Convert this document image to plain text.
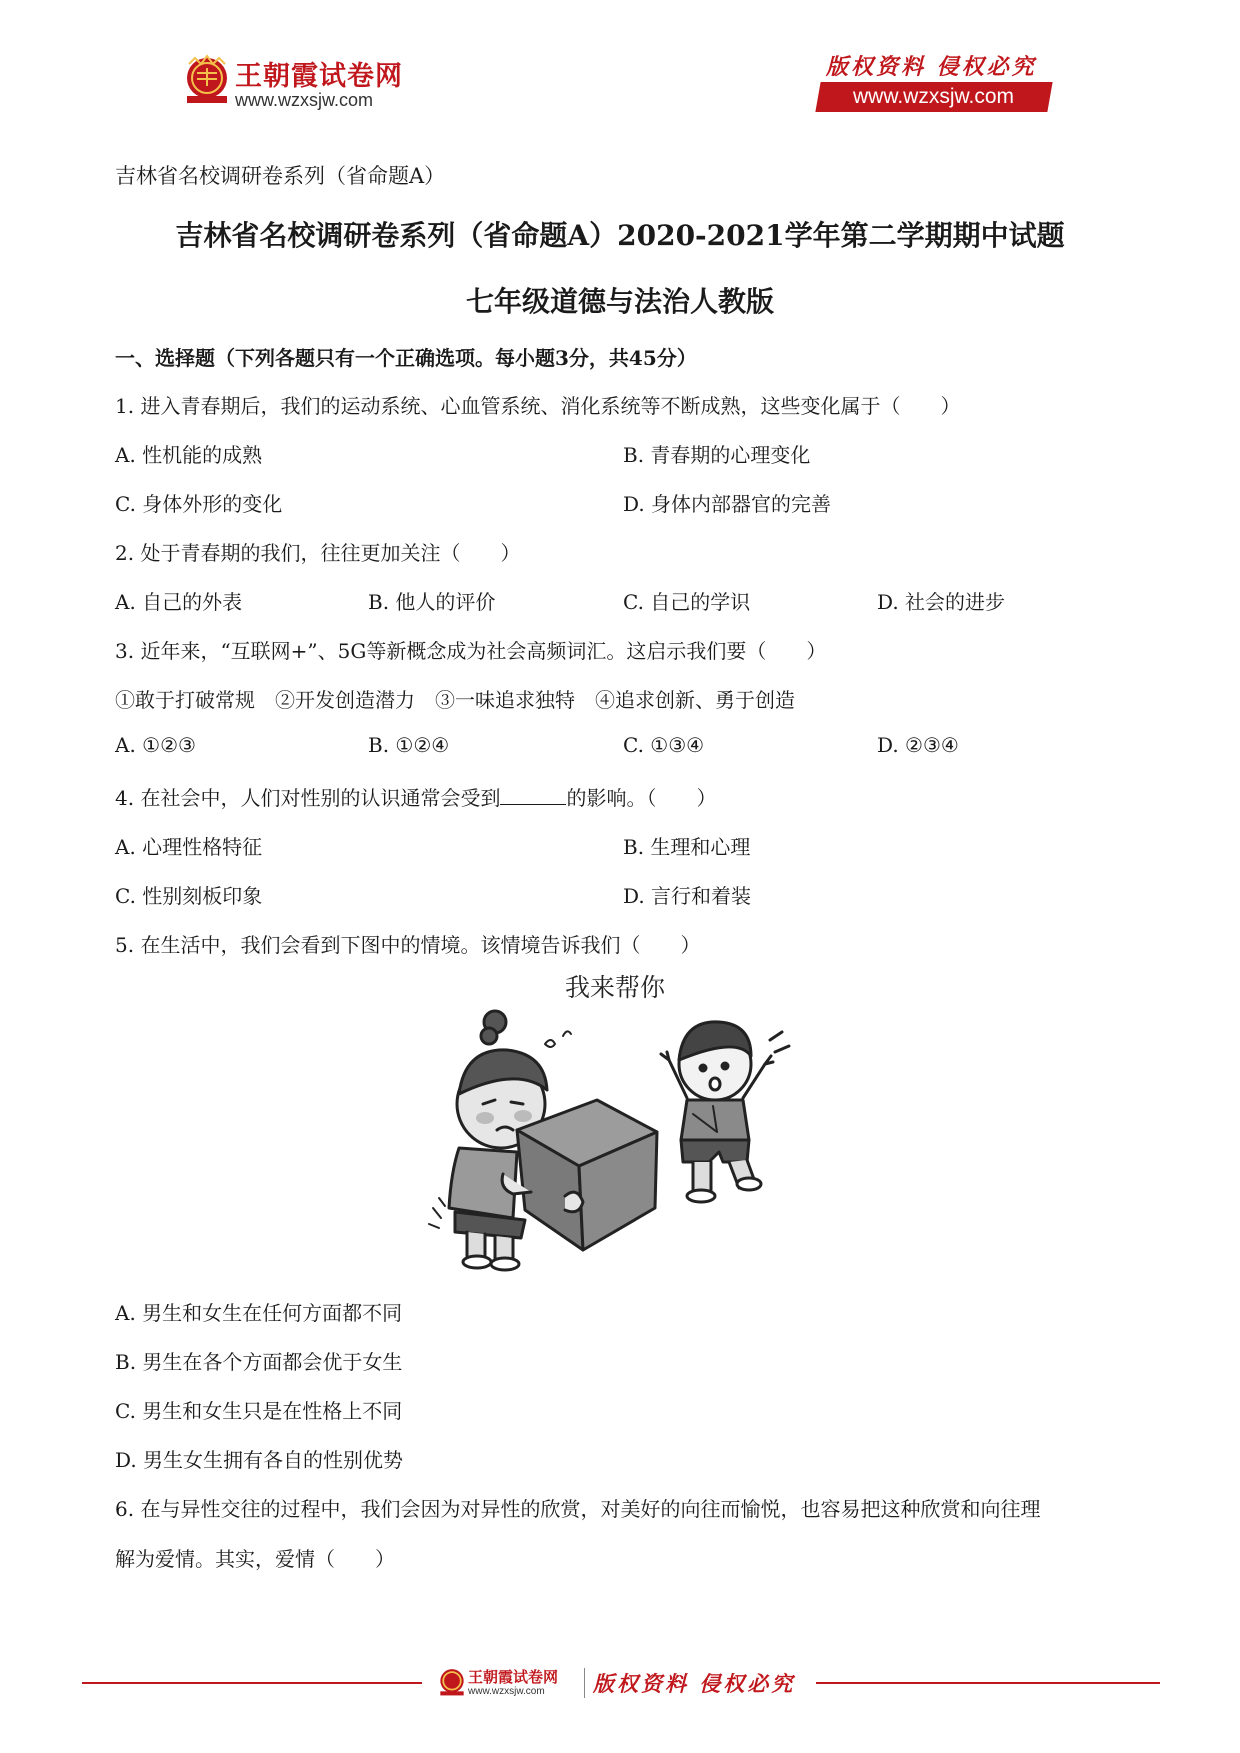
王朝霞试卷网
www.wzxsjw.com
版权资料 侵权必究
www.wzxsjw.com
吉林省名校调研卷系列（省命题A）
吉林省名校调研卷系列（省命题A）2020-2021学年第二学期期中试题
七年级道德与法治人教版
一、选择题（下列各题只有一个正确选项。每小题3分，共45分）
1. 进入青春期后，我们的运动系统、心血管系统、消化系统等不断成熟，这些变化属于（　　）
A. 性机能的成熟	B. 青春期的心理变化
C. 身体外形的变化	D. 身体内部器官的完善
2. 处于青春期的我们，往往更加关注（　　）
A. 自己的外表	B. 他人的评价	C. 自己的学识	D. 社会的进步
3. 近年来，“互联网+”、5G等新概念成为社会高频词汇。这启示我们要（　　）
①敢于打破常规　②开发创造潜力　③一味追求独特　④追求创新、勇于创造
A. ①②③	B. ①②④	C. ①③④	D. ②③④
4. 在社会中，人们对性别的认识通常会受到	的影响。（　　）
A. 心理性格特征	B. 生理和心理
C. 性别刻板印象	D. 言行和着装
5. 在生活中，我们会看到下图中的情境。该情境告诉我们（　　）
我来帮你
A. 男生和女生在任何方面都不同
B. 男生在各个方面都会优于女生
C. 男生和女生只是在性格上不同
D. 男生女生拥有各自的性别优势
6. 在与异性交往的过程中，我们会因为对异性的欣赏，对美好的向往而愉悦，也容易把这种欣赏和向往理
解为爱情。其实，爱情（　　）
王朝霞试卷网
www.wzxsjw.com 版权资料 侵权必究
